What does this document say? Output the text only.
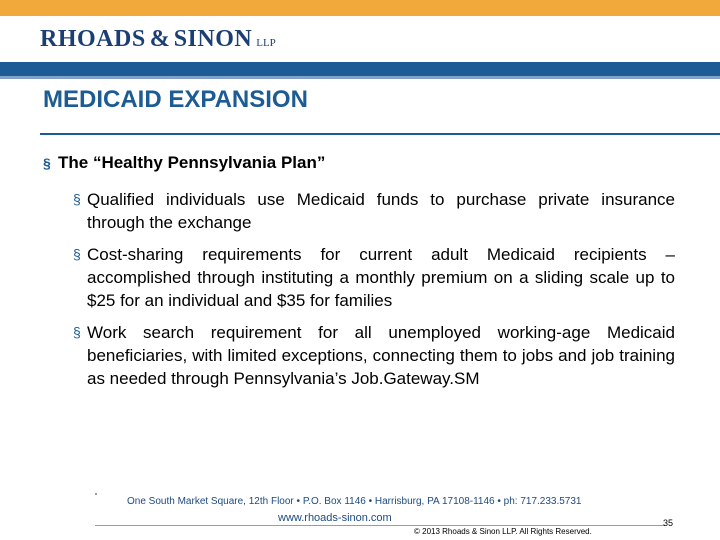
RHOADS & SINON LLP
MEDICAID EXPANSION
§ The “Healthy Pennsylvania Plan”
§ Qualified individuals use Medicaid funds to purchase private insurance through the exchange
§ Cost-sharing requirements for current adult Medicaid recipients – accomplished through instituting a monthly premium on a sliding scale up to $25 for an individual and $35 for families
§ Work search requirement for all unemployed working-age Medicaid beneficiaries, with limited exceptions, connecting them to jobs and job training as needed through Pennsylvania’s Job.Gateway.SM
One South Market Square, 12th Floor • P.O. Box 1146 • Harrisburg, PA 17108-1146 • ph: 717.233.5731
www.rhoads-sinon.com
© 2013 Rhoads & Sinon LLP. All Rights Reserved.
35
